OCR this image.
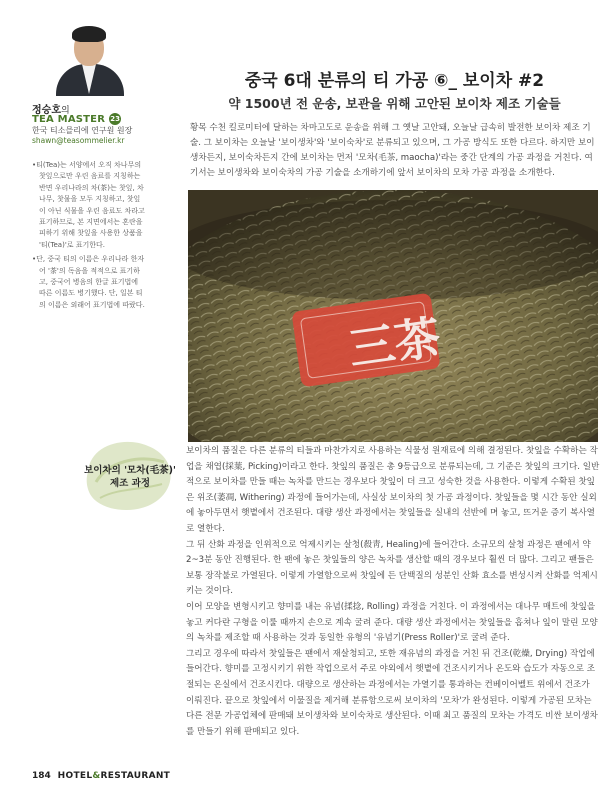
정승호의
TEA MASTER 23
한국 티소믈리에 연구원 원장
shawn@teasommelier.kr

•티(Tea)는 서양에서 오직 차나무의 찻잎으로만 우린 음료를 지칭하는 반면 우리나라의 차(茶)는 찻잎, 차나무, 찻물을 모두 지칭하고, 찻잎이 아닌 식물을 우린 음료도 차라고 표기하므로, 본 지면에서는 혼란을 피하기 위해 찻잎을 사용한 상품을 '티(Tea)'로 표기한다.

•단, 중국 티의 이름은 우리나라 한자어 '茶'의 독음을 적적으로 표기하고, 중국어 병음의 한글 표기법에 따른 이름도 병기했다. 단, 일본 티의 이름은 외래어 표기법에 따랐다.

중국 6대 분류의 티 가공 ⑥_ 보이차 #2
약 1500년 전 운송, 보관을 위해 고안된 보이차 제조 기술들
황목 수천 킬로미터에 달하는 차마고도로 운송을 위해 그 옛날 고안돼, 오늘날 급속히 발전한 보이차 제조 기술. 그 보이차는 오늘날 '보이생차'와 '보이숙차'로 분류되고 있으며, 그 가공 방식도 또한 다르다. 하지만 보이생차든지, 보이숙차든지 간에 보이차는 먼저 '모차(毛茶, maocha)'라는 중간 단계의 가공 과정을 거친다. 여기서는 보이생차와 보이숙차의 가공 기술을 소개하기에 앞서 보이차의 모차 가공 과정을 소개한다.
三茶
보이차의 '모차(毛茶)'
제조 과정

보이차의 품질은 다른 분류의 티들과 마찬가지로 사용하는 식물성 원재료에 의해 결정된다. 찻잎을 수확하는 작업을 채엽(採葉, Picking)이라고 한다. 찻잎의 품질은 총 9등급으로 분류되는데, 그 기준은 찻잎의 크기다. 일반적으로 보이차를 만들 때는 녹차를 만드는 경우보다 찻잎이 더 크고 성숙한 것을 사용한다. 이렇게 수확된 찻잎은 위조(萎凋, Withering) 과정에 들어가는데, 사실상 보이차의 첫 가공 과정이다. 찻잎들을 몇 시간 동안 실외에 놓아두면서 햇볕에서 건조된다. 대량 생산 과정에서는 찻잎들을 실내의 선반에 며 놓고, 뜨거운 증기 복사열로 열한다.

그 뒤 산화 과정을 인위적으로 억제시키는 살청(殺靑, Healing)에 들어간다. 소규모의 살청 과정은 팬에서 약 2~3분 동안 진행된다. 한 팬에 놓은 찻잎들의 양은 녹차를 생산할 때의 경우보다 훨씬 더 많다. 그리고 팬들은 보통 장작불로 가열된다. 이렇게 가열함으로써 찻잎에 든 단백질의 성분인 산화 효소를 변성시켜 산화를 억제시키는 것이다.

이어 모양을 변형시키고 향미를 내는 유념(揉捻, Rolling) 과정을 거친다. 이 과정에서는 대나무 매트에 찻잎을 놓고 커다란 구형을 이룰 때까지 손으로 계속 굴려 준다. 대량 생산 과정에서는 찻잎들을 흡쳐나 잎이 말린 모양의 녹차를 제조할 때 사용하는 것과 동일한 유형의 '유념기(Press Roller)'로 굴려 준다.

그리고 경우에 따라서 찻잎들은 팬에서 재살청되고, 또한 재유념의 과정을 거친 뒤 건조(乾燥, Drying) 작업에 들어간다. 향미를 고정시키기 위한 작업으로서 주로 야외에서 햇볕에 건조시키거나 온도와 습도가 자동으로 조절되는 온실에서 건조시킨다. 대량으로 생산하는 과정에서는 가열기를 통과하는 컨베이어벨트 위에서 건조가 이뤄진다. 끝으로 찻잎에서 이물질을 제거해 분류함으로써 보이차의 '모차'가 완성된다. 이렇게 가공된 모차는 다른 전문 가공업체에 판매돼 보이생차와 보이숙차로 생산된다. 이때 최고 품질의 모차는 가격도 비싼 보이생차를 만들기 위해 판매되고 있다.

184 HOTEL&RESTAURANT
